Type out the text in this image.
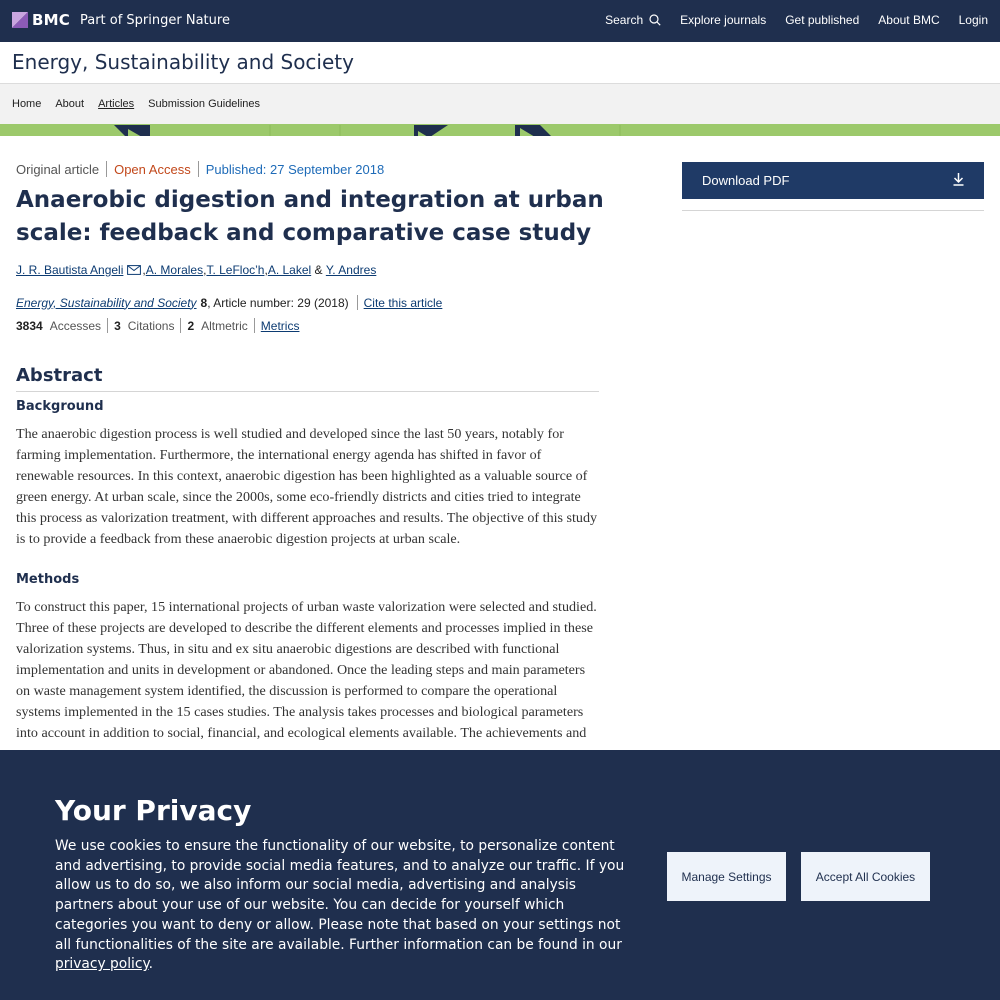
BMC Part of Springer Nature	Search	Explore journals Get published About BMC Login
Energy, Sustainability and Society
Home About Articles Submission Guidelines
Original article Open Access Published: 27 September 2018
Anaerobic digestion and integration at urban scale: feedback and comparative case study
J. R. Bautista Angeli , A. Morales , T. LeFloc’h , A. Lakel & Y. Andres
Energy, Sustainability and Society 8 , Article number: 29 (2018) Cite this article
3834 Accesses 3 Citations 2 Altmetric Metrics
Abstract
Background

The anaerobic digestion process is well studied and developed since the last 50 years, notably for farming implementation. Furthermore, the international energy agenda has shifted in favor of renewable resources. In this context, anaerobic digestion has been highlighted as a valuable source of green energy. At urban scale, since the 2000s, some eco-friendly districts and cities tried to integrate this process as valorization treatment, with different approaches and results. The objective of this study is to provide a feedback from these anaerobic digestion projects at urban scale.

Methods

To construct this paper, 15 international projects of urban waste valorization were selected and studied. Three of these projects are developed to describe the different elements and processes implied in these valorization systems. Thus, in situ and ex situ anaerobic digestions are described with functional implementation and units in development or abandoned. Once the leading steps and main parameters on waste management system identified, the discussion is performed to compare the operational systems implemented in the 15 cases studies. The analysis takes processes and biological parameters into account in addition to social, financial, and ecological elements available. The achievements and

Download PDF
Your Privacy
We use cookies to ensure the functionality of our website, to personalize content and advertising, to provide social media features, and to analyze our traffic. If you allow us to do so, we also inform our social media, advertising and analysis partners about your use of our website. You can decide for yourself which categories you want to deny or allow. Please note that based on your settings not all functionalities of the site are available. Further information can be found in our privacy policy.
Manage Settings	Accept All Cookies
